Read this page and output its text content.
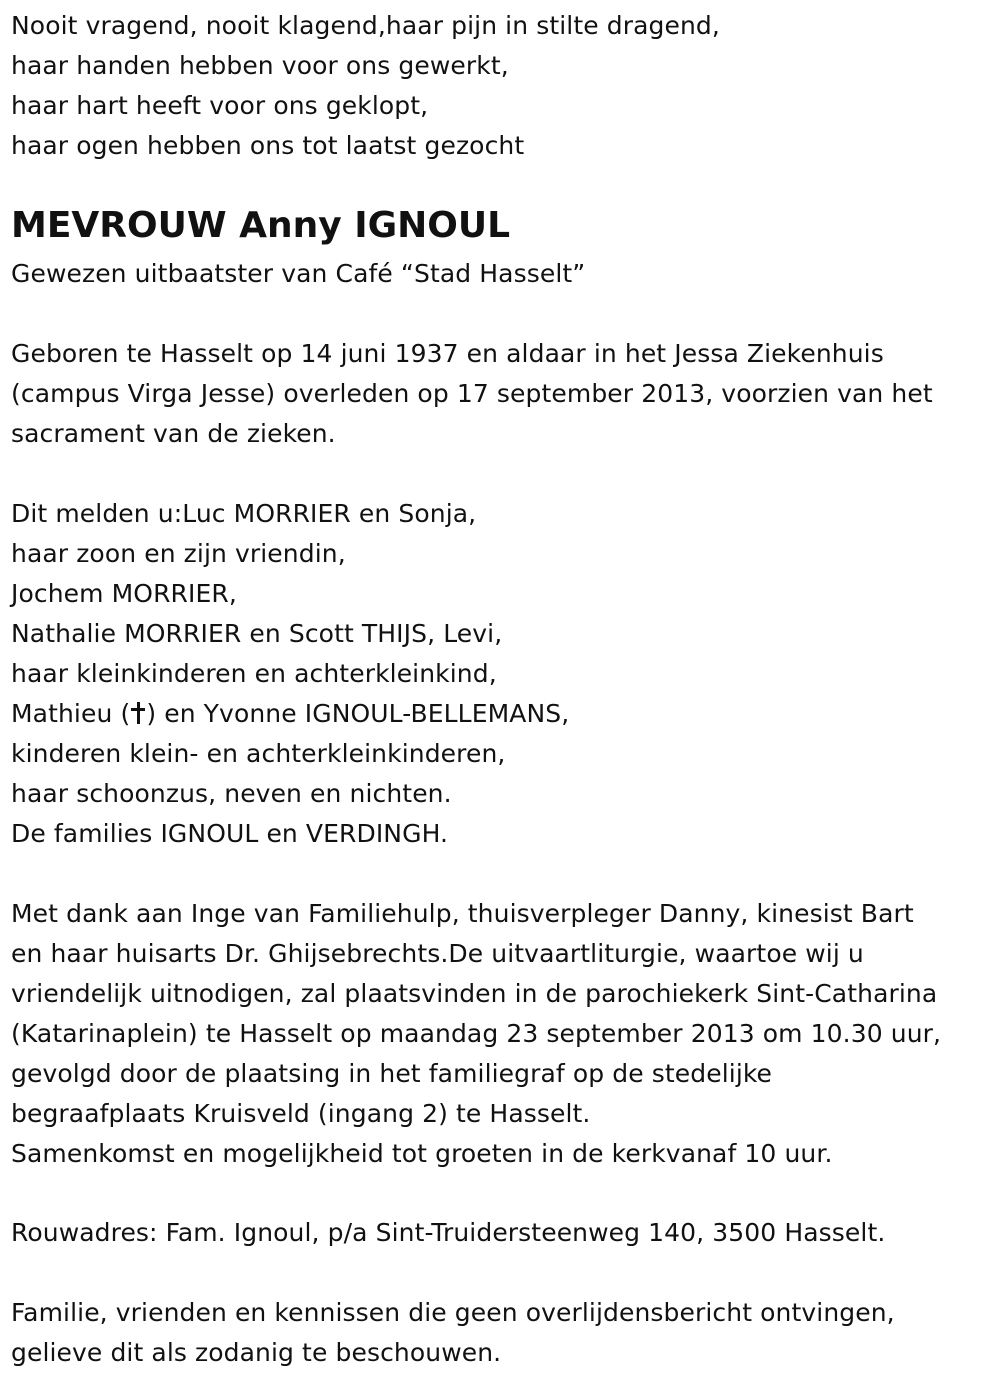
Nooit vragend, nooit klagend,haar pijn in stilte dragend,
haar handen hebben voor ons gewerkt,
haar hart heeft voor ons geklopt,
haar ogen hebben ons tot laatst gezocht
MEVROUW Anny IGNOUL
Gewezen uitbaatster van Café “Stad Hasselt”
Geboren te Hasselt op 14 juni 1937 en aldaar in het Jessa Ziekenhuis
(campus Virga Jesse) overleden op 17 september 2013, voorzien van het
sacrament van de zieken.
Dit melden u:Luc MORRIER en Sonja,
haar zoon en zijn vriendin,
Jochem MORRIER,
Nathalie MORRIER en Scott THIJS, Levi,
haar kleinkinderen en achterkleinkind,
Mathieu ( ) en Yvonne IGNOUL-BELLEMANS,
kinderen klein- en achterkleinkinderen,
haar schoonzus, neven en nichten.
De families IGNOUL en VERDINGH.
Met dank aan Inge van Familiehulp, thuisverpleger Danny, kinesist Bart
en haar huisarts Dr. Ghijsebrechts.De uitvaartliturgie, waartoe wij u
vriendelijk uitnodigen, zal plaatsvinden in de parochiekerk Sint-Catharina
(Katarinaplein) te Hasselt op maandag 23 september 2013 om 10.30 uur,
gevolgd door de plaatsing in het familiegraf op de stedelijke
begraafplaats Kruisveld (ingang 2) te Hasselt.
Samenkomst en mogelijkheid tot groeten in de kerkvanaf 10 uur.
Rouwadres: Fam. Ignoul, p/a Sint-Truidersteenweg 140, 3500 Hasselt.
Familie, vrienden en kennissen die geen overlijdensbericht ontvingen,
gelieve dit als zodanig te beschouwen.
